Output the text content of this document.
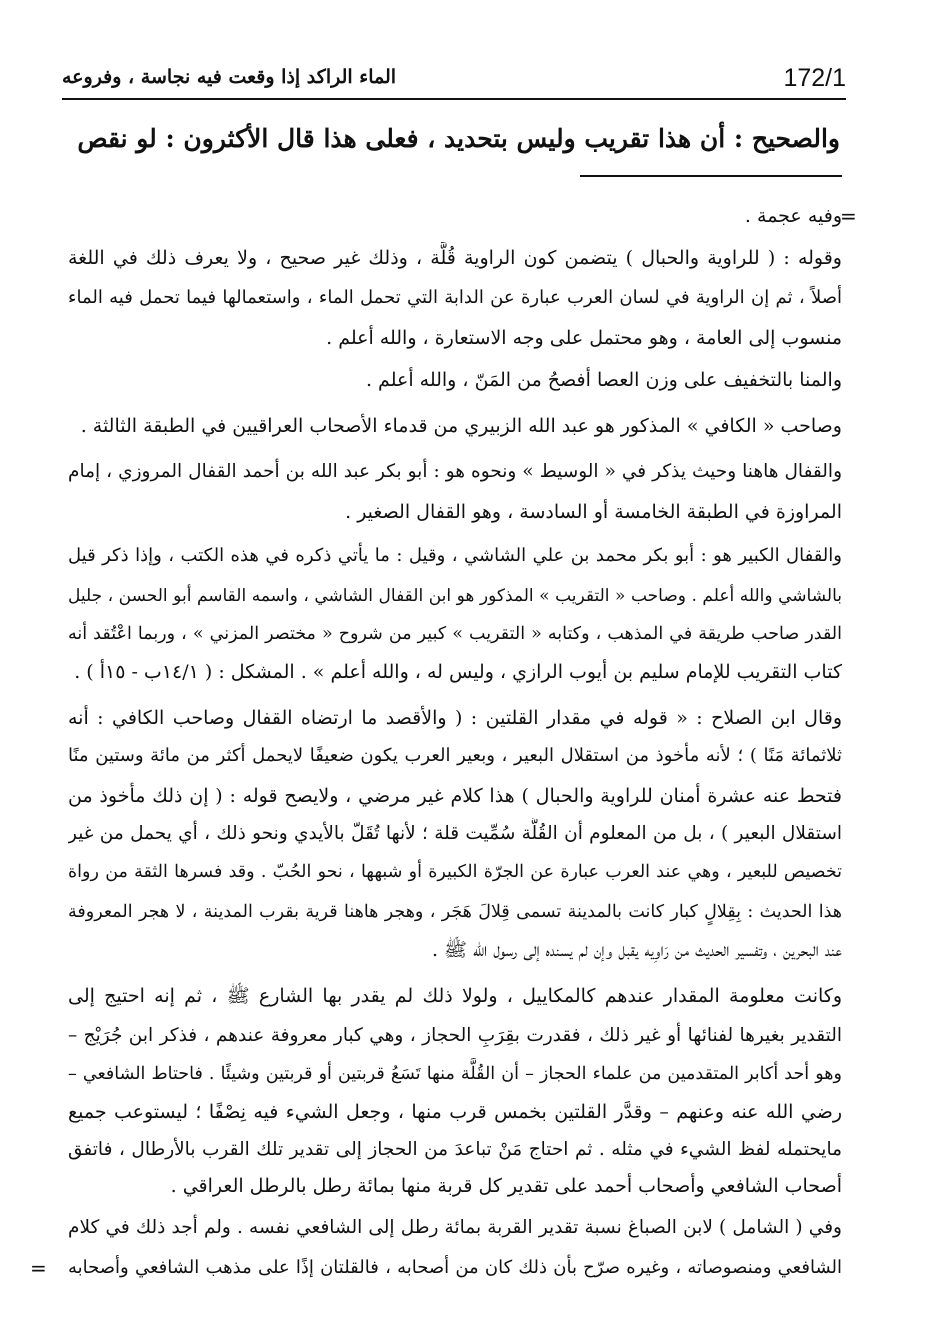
172/1
الماء الراكد إذا وقعت فيه نجاسة ، وفروعه
والصحيح : أن هذا تقريب وليس بتحديد ، فعلى هذا قال الأكثرون : لو نقص
=
وفيه عجمة .
وقوله : ( للراوية والحبال ) يتضمن كون الراوية قُلَّة ، وذلك غير صحيح ، ولا يعرف ذلك في اللغة
أصلاً ، ثم إن الراوية في لسان العرب عبارة عن الدابة التي تحمل الماء ، واستعمالها فيما تحمل فيه الماء
منسوب إلى العامة ، وهو محتمل على وجه الاستعارة ، والله أعلم .
والمنا بالتخفيف على وزن العصا أفصحُ من المَنّ ، والله أعلم .
وصاحب « الكافي » المذكور هو عبد الله الزبيري من قدماء الأصحاب العراقيين في الطبقة الثالثة .
والقفال هاهنا وحيث يذكر في « الوسيط » ونحوه هو : أبو بكر عبد الله بن أحمد القفال المروزي ، إمام
المراوزة في الطبقة الخامسة أو السادسة ، وهو القفال الصغير .
والقفال الكبير هو : أبو بكر محمد بن علي الشاشي ، وقيل : ما يأتي ذكره في هذه الكتب ، وإذا ذكر قيل
بالشاشي والله أعلم . وصاحب « التقريب » المذكور هو ابن القفال الشاشي ، واسمه القاسم أبو الحسن ، جليل
القدر صاحب طريقة في المذهب ، وكتابه « التقريب » كبير من شروح « مختصر المزني » ، وربما اعْتُقد أنه
كتاب التقريب للإمام سليم بن أيوب الرازي ، وليس له ، والله أعلم » . المشكل : ( ١٤/١ب - ١٥أ ) .
وقال ابن الصلاح : « قوله في مقدار القلتين : ( والأقصد ما ارتضاه القفال وصاحب الكافي : أنه
ثلاثمائة مَنًا ) ؛ لأنه مأخوذ من استقلال البعير ، وبعير العرب يكون ضعيفًا لايحمل أكثر من مائة وستين منًا
فتحط عنه عشرة أمنان للراوية والحبال ) هذا كلام غير مرضي ، ولايصح قوله : ( إن ذلك مأخوذ من
استقلال البعير ) ، بل من المعلوم أن القُلَّة سُمِّيت قلة ؛ لأنها تُقَلّ بالأيدي ونحو ذلك ، أي يحمل من غير
تخصيص للبعير ، وهي عند العرب عبارة عن الجرّة الكبيرة أو شبهها ، نحو الحُبّ . وقد فسرها الثقة من رواة
هذا الحديث : بِقِلالٍ كبار كانت بالمدينة تسمى قِلالَ هَجَر ، وهجر هاهنا قرية بقرب المدينة ، لا هجر المعروفة
عند البحرين ، وتفسير الحديث من رَاوِيه يقبل وإن لم يسنده إلى رسول الله ﷺ .
وكانت معلومة المقدار عندهم كالمكاييل ، ولولا ذلك لم يقدر بها الشارع ﷺ ، ثم إنه احتيج إلى
التقدير بغيرها لفنائها أو غير ذلك ، فقدرت بقِرَبِ الحجاز ، وهي كبار معروفة عندهم ، فذكر ابن جُرَيْج –
وهو أحد أكابر المتقدمين من علماء الحجاز – أن القُلَّة منها تَسَعُ قربتين أو قربتين وشيئًا . فاحتاط الشافعي –
رضي الله عنه وعنهم – وقدَّر القلتين بخمس قرب منها ، وجعل الشيء فيه نِصْفًا ؛ ليستوعب جميع
مايحتمله لفظ الشيء في مثله . ثم احتاج مَنْ تباعدَ من الحجاز إلى تقدير تلك القرب بالأرطال ، فاتفق
أصحاب الشافعي وأصحاب أحمد على تقدير كل قربة منها بمائة رطل بالرطل العراقي .
وفي ( الشامل ) لابن الصباغ نسبة تقدير القربة بمائة رطل إلى الشافعي نفسه . ولم أجد ذلك في كلام
الشافعي ومنصوصاته ، وغيره صرّح بأن ذلك كان من أصحابه ، فالقلتان إذًا على مذهب الشافعي وأصحابه
=
